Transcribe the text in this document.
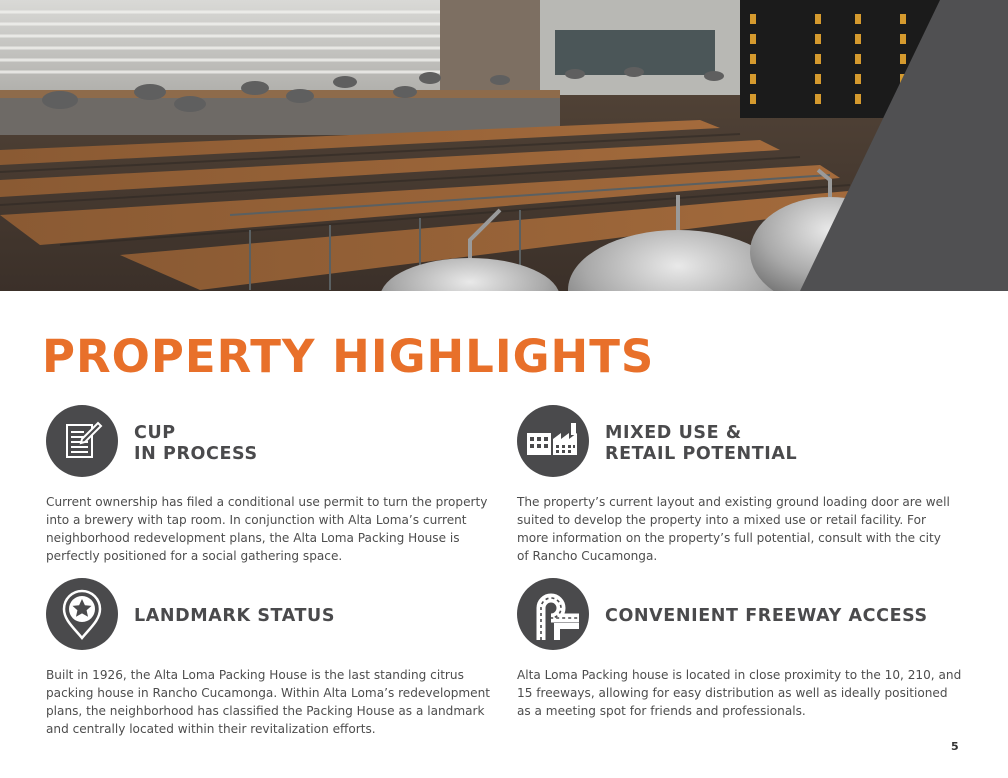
PROPERTY HIGHLIGHTS
CUP
IN PROCESS

Current ownership has filed a conditional use permit to turn the property
into a brewery with tap room. In conjunction with Alta Loma’s current
neighborhood redevelopment plans, the Alta Loma Packing House is
perfectly positioned for a social gathering space.

MIXED USE &
RETAIL POTENTIAL

The property’s current layout and existing ground loading door are well
suited to develop the property into a mixed use or retail facility. For
more information on the property’s full potential, consult with the city
of Rancho Cucamonga.

LANDMARK STATUS

Built in 1926, the Alta Loma Packing House is the last standing citrus
packing house in Rancho Cucamonga. Within Alta Loma’s redevelopment
plans, the neighborhood has classified the Packing House as a landmark
and centrally located within their revitalization efforts.

CONVENIENT FREEWAY ACCESS

Alta Loma Packing house is located in close proximity to the 10, 210, and
15 freeways, allowing for easy distribution as well as ideally positioned
as a meeting spot for friends and professionals.

5
